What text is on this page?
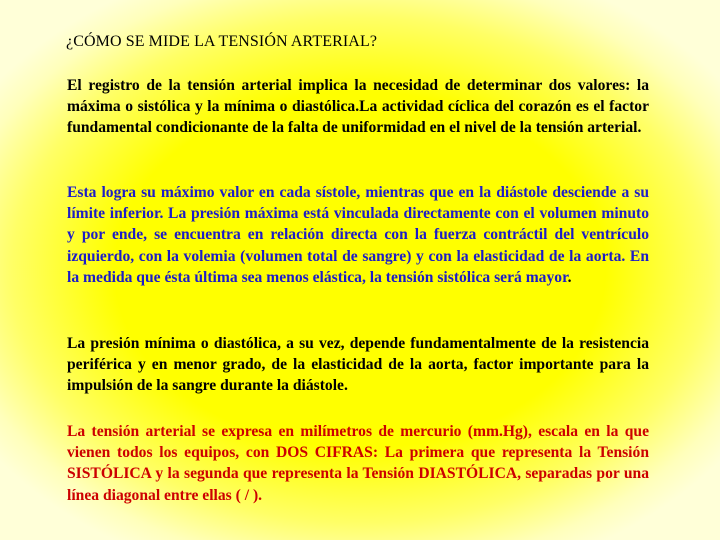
¿CÓMO SE MIDE LA TENSIÓN ARTERIAL?

El registro de la tensión arterial implica la necesidad de determinar dos valores: la máxima o sistólica y la mínima o diastólica.La actividad cíclica del corazón es el factor fundamental condicionante de la falta de uniformidad en el nivel de la tensión arterial.

Esta logra su máximo valor en cada sístole, mientras que en la diástole desciende a su límite inferior. La presión máxima está vinculada directamente con el volumen minuto y por ende, se encuentra en relación directa con la fuerza contráctil del ventrículo izquierdo, con la volemia (volumen total de sangre) y con la elasticidad de la aorta. En la medida que ésta última sea menos elástica, la tensión sistólica será mayor.

La presión mínima o diastólica, a su vez, depende fundamentalmente de la resistencia periférica y en menor grado, de la elasticidad de la aorta, factor importante para la impulsión de la sangre durante la diástole.

La tensión arterial se expresa en milímetros de mercurio (mm.Hg), escala en la que vienen todos los equipos, con DOS CIFRAS: La primera que representa la Tensión SISTÓLICA y la segunda que representa la Tensión DIASTÓLICA, separadas por una línea diagonal entre ellas ( / ).
